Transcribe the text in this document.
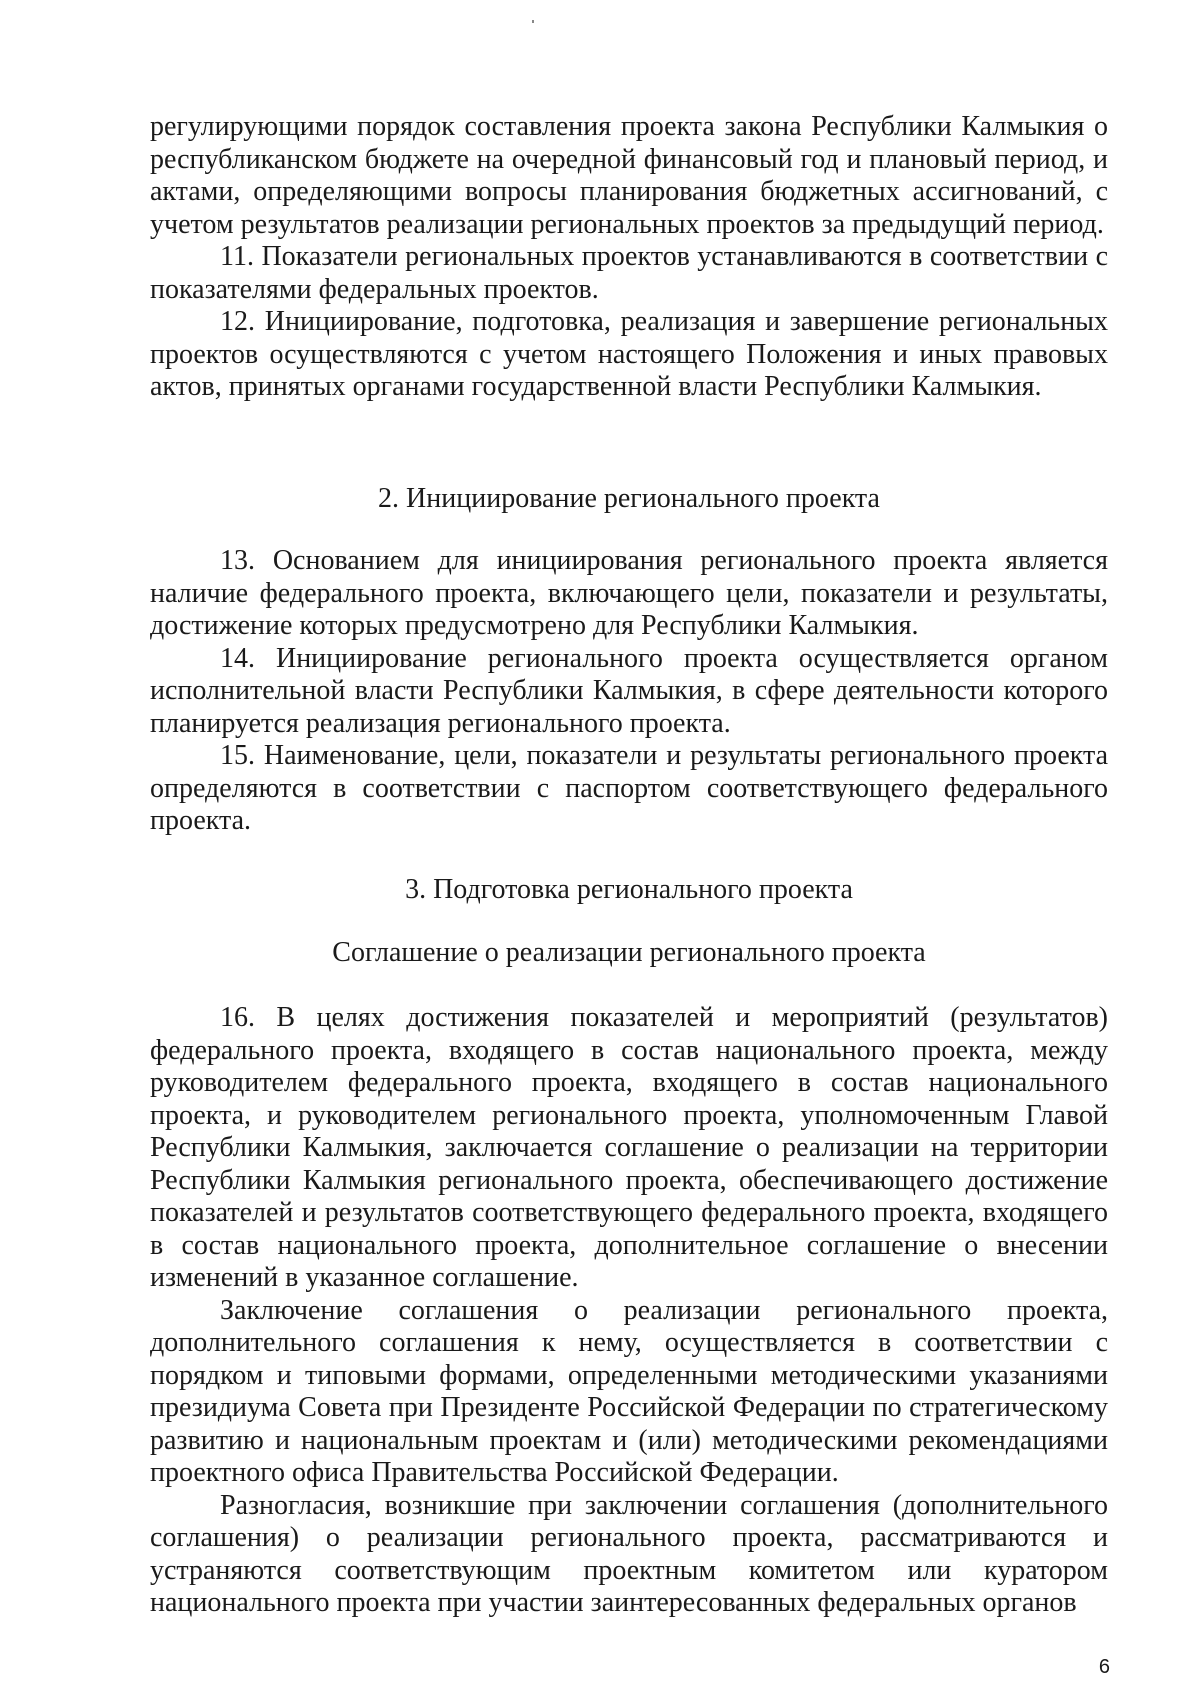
регулирующими порядок составления проекта закона Республики Калмыкия о республиканском бюджете на очередной финансовый год и плановый период, и актами, определяющими вопросы планирования бюджетных ассигнований, с учетом результатов реализации региональных проектов за предыдущий период.

11. Показатели региональных проектов устанавливаются в соответствии с показателями федеральных проектов.

12. Инициирование, подготовка, реализация и завершение региональных проектов осуществляются с учетом настоящего Положения и иных правовых актов, принятых органами государственной власти Республики Калмыкия.

2. Инициирование регионального проекта

13. Основанием для инициирования регионального проекта является наличие федерального проекта, включающего цели, показатели и результаты, достижение которых предусмотрено для Республики Калмыкия.

14. Инициирование регионального проекта осуществляется органом исполнительной власти Республики Калмыкия, в сфере деятельности которого планируется реализация регионального проекта.

15. Наименование, цели, показатели и результаты регионального проекта определяются в соответствии с паспортом соответствующего федерального проекта.

3. Подготовка регионального проекта
Соглашение о реализации регионального проекта

16. В целях достижения показателей и мероприятий (результатов) федерального проекта, входящего в состав национального проекта, между руководителем федерального проекта, входящего в состав национального проекта, и руководителем регионального проекта, уполномоченным Главой Республики Калмыкия, заключается соглашение о реализации на территории Республики Калмыкия регионального проекта, обеспечивающего достижение показателей и результатов соответствующего федерального проекта, входящего в состав национального проекта, дополнительное соглашение о внесении изменений в указанное соглашение.

Заключение соглашения о реализации регионального проекта, дополнительного соглашения к нему, осуществляется в соответствии с порядком и типовыми формами, определенными методическими указаниями президиума Совета при Президенте Российской Федерации по стратегическому развитию и национальным проектам и (или) методическими рекомендациями проектного офиса Правительства Российской Федерации.

Разногласия, возникшие при заключении соглашения (дополнительного соглашения) о реализации регионального проекта, рассматриваются и устраняются соответствующим проектным комитетом или куратором национального проекта при участии заинтересованных федеральных органов

6
